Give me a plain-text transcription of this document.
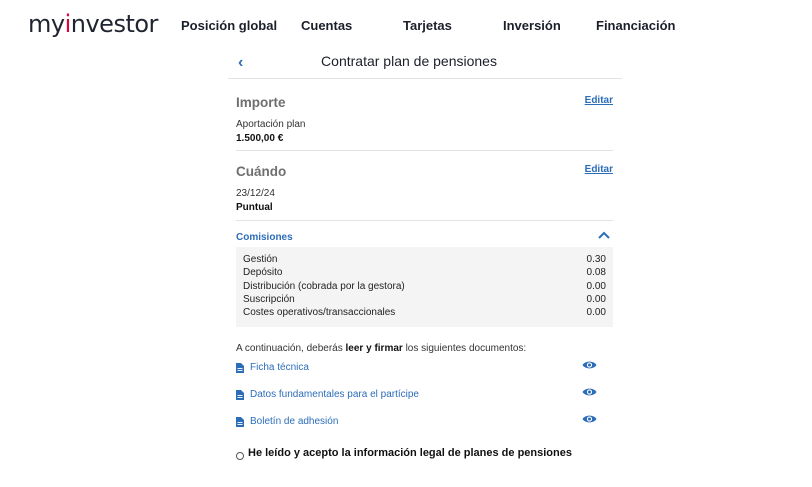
myinvestor Posición global Cuentas	Tarjetas	Inversión	Financiación
‹	Contratar plan de pensiones
Importe	Editar
Aportación plan
1.500,00 €
Cuándo	Editar
23/12/24
Puntual
Comisiones
Gestión	0.30
Depósito	0.08
Distribución (cobrada por la gestora)	0.00
Suscripción	0.00
Costes operativos/transaccionales	0.00
A continuación, deberás leer y firmar los siguientes documentos:
Ficha técnica
Datos fundamentales para el partícipe
Boletín de adhesión
He leído y acepto la información legal de planes de pensiones
